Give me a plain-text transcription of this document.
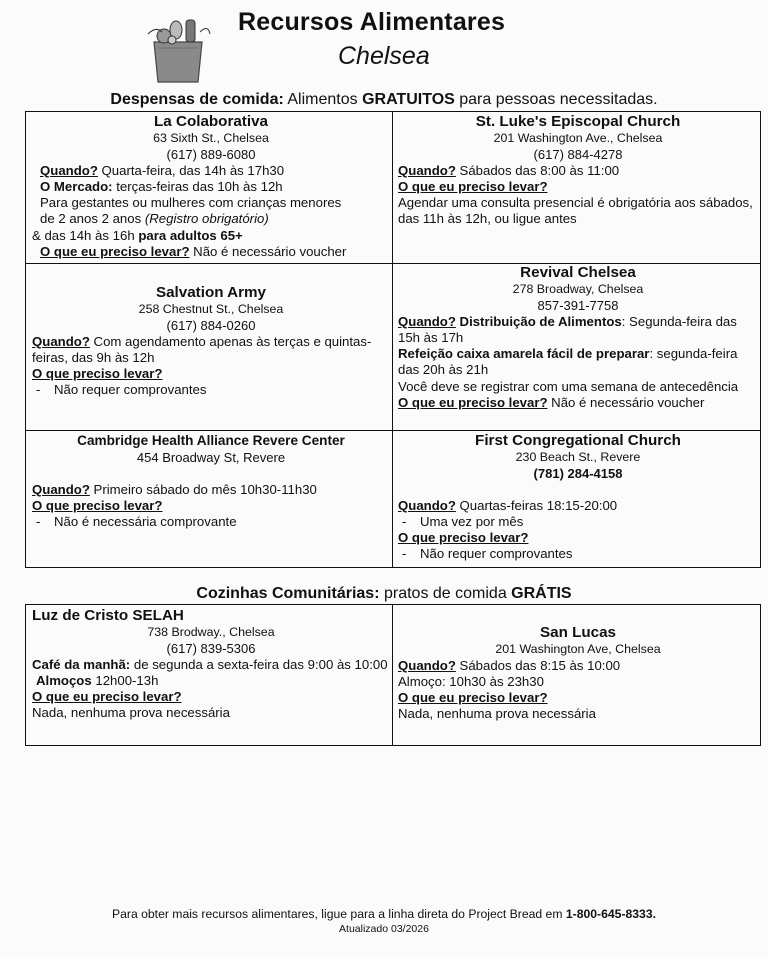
Recursos Alimentares
Chelsea
Despensas de comida: Alimentos GRATUITOS para pessoas necessitadas.
La Colaborativa
63 Sixth St., Chelsea
(617) 889-6080
Quando? Quarta-feira, das 14h às 17h30
O Mercado: terças-feiras das 10h às 12h
Para gestantes ou mulheres com crianças menores
de 2 anos 2 anos (Registro obrigatório)
& das 14h às 16h para adultos 65+
O que eu preciso levar? Não é necessário voucher
St. Luke's Episcopal Church
201 Washington Ave., Chelsea
(617) 884-4278
Quando? Sábados das 8:00 às 11:00
O que eu preciso levar?
Agendar uma consulta presencial é obrigatória aos sábados, das 11h às 12h, ou ligue antes
Salvation Army
258 Chestnut St., Chelsea
(617) 884-0260
Quando? Com agendamento apenas às terças e quintas-feiras, das 9h às 12h
O que preciso levar?
- Não requer comprovantes
Revival Chelsea
278 Broadway, Chelsea
857-391-7758
Quando? Distribuição de Alimentos: Segunda-feira das 15h às 17h
Refeição caixa amarela fácil de preparar: segunda-feira das 20h às 21h
Você deve se registrar com uma semana de antecedência
O que eu preciso levar? Não é necessário voucher
Cambridge Health Alliance Revere Center
454 Broadway St, Revere
Quando? Primeiro sábado do mês 10h30-11h30
O que preciso levar?
- Não é necessária comprovante
First Congregational Church
230 Beach St., Revere
(781) 284-4158
Quando? Quartas-feiras 18:15-20:00
- Uma vez por mês
O que preciso levar?
- Não requer comprovantes
Cozinhas Comunitárias: pratos de comida GRÁTIS
Luz de Cristo SELAH
738 Brodway., Chelsea
(617) 839-5306
Café da manhã: de segunda a sexta-feira das 9:00 às 10:00
Almoços 12h00-13h
O que eu preciso levar?
Nada, nenhuma prova necessária
San Lucas
201 Washington Ave, Chelsea
Quando? Sábados das 8:15 às 10:00
Almoço: 10h30 às 23h30
O que eu preciso levar?
Nada, nenhuma prova necessária
Para obter mais recursos alimentares, ligue para a linha direta do Project Bread em 1-800-645-8333.
Atualizado 03/2026
